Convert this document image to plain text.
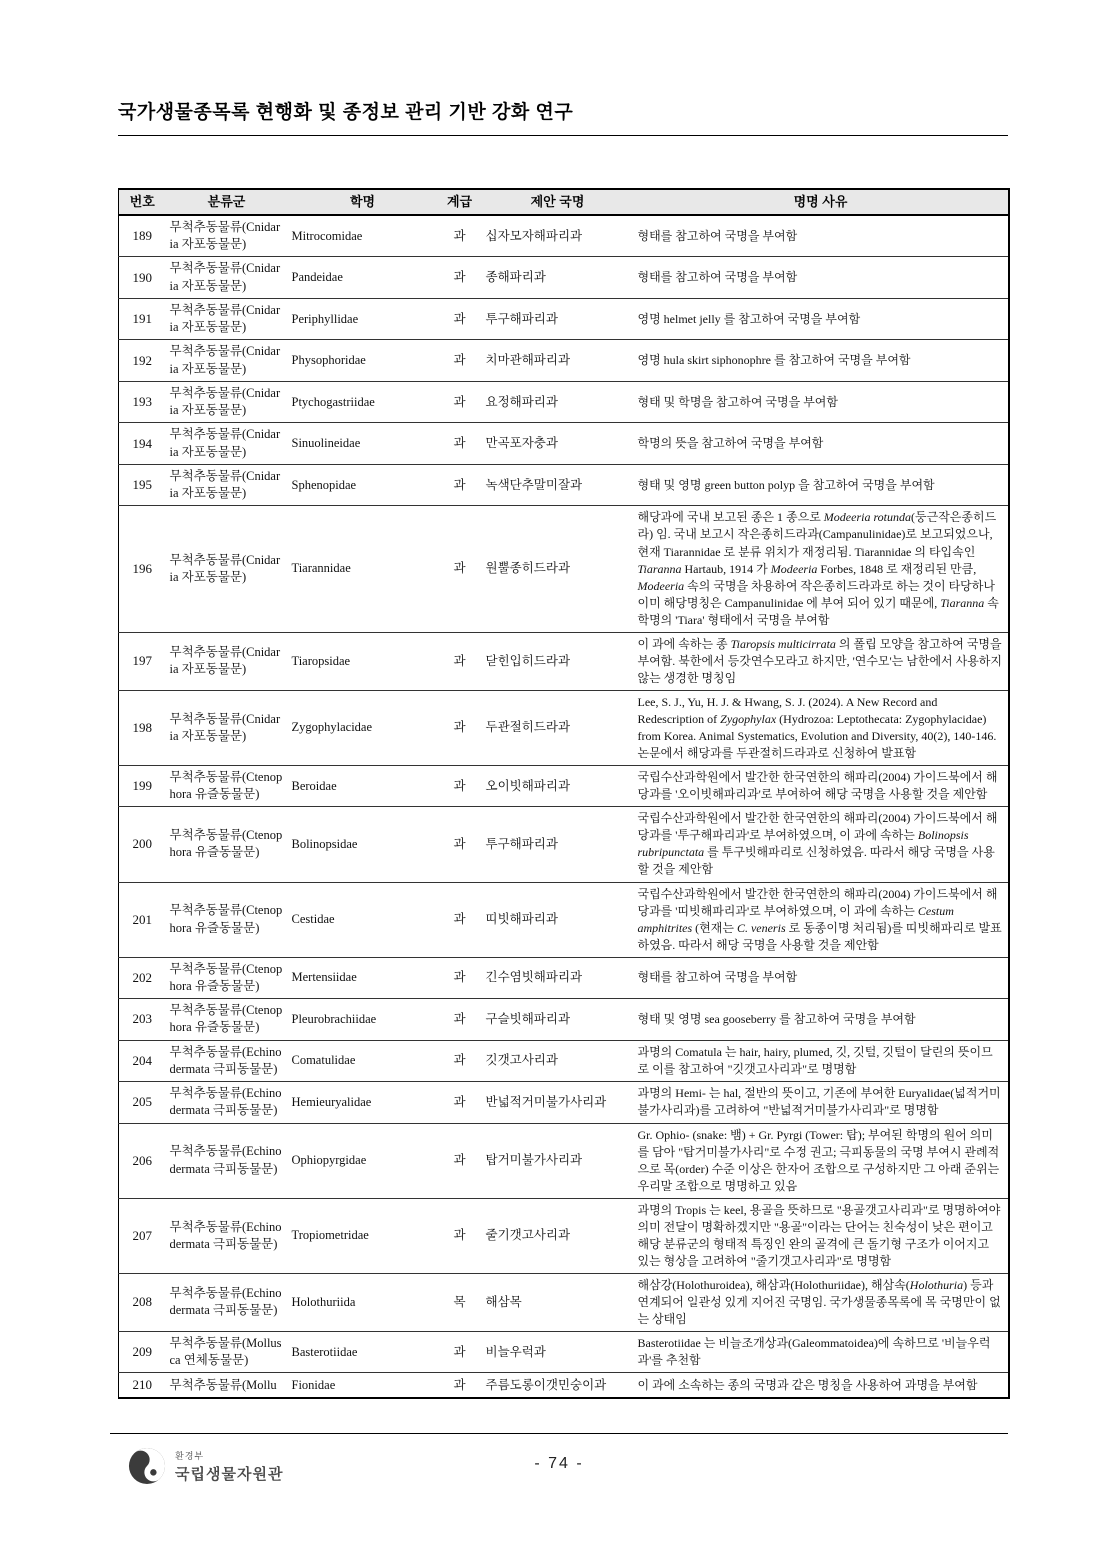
국가생물종목록 현행화 및 종정보 관리 기반 강화 연구
번호	분류군	학명	계급	제안 국명	명명 사유
189	무척추동물류(Cnidaria 자포동물문)	Mitrocomidae	과	십자모자해파리과	형태를 참고하여 국명을 부여함
190	무척추동물류(Cnidaria 자포동물문)	Pandeidae	과	종해파리과	형태를 참고하여 국명을 부여함
191	무척추동물류(Cnidaria 자포동물문)	Periphyllidae	과	투구해파리과	영명 helmet jelly 를 참고하여 국명을 부여함
192	무척추동물류(Cnidaria 자포동물문)	Physophoridae	과	치마관해파리과	영명 hula skirt siphonophre 를 참고하여 국명을 부여함
193	무척추동물류(Cnidaria 자포동물문)	Ptychogastriidae	과	요정해파리과	형태 및 학명을 참고하여 국명을 부여함
194	무척추동물류(Cnidaria 자포동물문)	Sinuolineidae	과	만곡포자충과	학명의 뜻을 참고하여 국명을 부여함
195	무척추동물류(Cnidaria 자포동물문)	Sphenopidae	과	녹색단추말미잘과	형태 및 영명 green button polyp 을 참고하여 국명을 부여함
196	무척추동물류(Cnidaria 자포동물문)	Tiarannidae	과	원뿔종히드라과	해당과에 국내 보고된 종은 1 종으로 Modeeria rotunda(둥근작은종히드라) 임. 국내 보고시 작은종히드라과(Campanulinidae)로 보고되었으나, 현재 Tiarannidae 로 분류 위치가 재정리됨. Tiarannidae 의 타입속인 Tiaranna Hartaub, 1914 가 Modeeria Forbes, 1848 로 재정리된 만큼, Modeeria 속의 국명을 차용하여 작은종히드라과로 하는 것이 타당하나 이미 해당명칭은 Campanulinidae 에 부여 되어 있기 때문에, Tiaranna 속 학명의 'Tiara' 형태에서 국명을 부여함
197	무척추동물류(Cnidaria 자포동물문)	Tiaropsidae	과	닫힌입히드라과	이 과에 속하는 종 Tiaropsis multicirrata 의 폴립 모양을 참고하여 국명을 부여함. 북한에서 등갓연수모라고 하지만, '연수모'는 남한에서 사용하지 않는 생경한 명칭임
198	무척추동물류(Cnidaria 자포동물문)	Zygophylacidae	과	두관절히드라과	Lee, S. J., Yu, H. J. & Hwang, S. J. (2024). A New Record and Redescription of Zygophylax (Hydrozoa: Leptothecata: Zygophylacidae) from Korea. Animal Systematics, Evolution and Diversity, 40(2), 140-146. 논문에서 해당과를 두관절히드라과로 신청하여 발표함
199	무척추동물류(Ctenophora 유즐동물문)	Beroidae	과	오이빗해파리과	국립수산과학원에서 발간한 한국연한의 해파리(2004) 가이드북에서 해당과를 '오이빗해파리과'로 부여하여 해당 국명을 사용할 것을 제안함
200	무척추동물류(Ctenophora 유즐동물문)	Bolinopsidae	과	투구해파리과	국립수산과학원에서 발간한 한국연한의 해파리(2004) 가이드북에서 해당과를 '투구해파리과'로 부여하였으며, 이 과에 속하는 Bolinopsis rubripunctata 를 투구빗해파리로 신청하였음. 따라서 해당 국명을 사용할 것을 제안함
201	무척추동물류(Ctenophora 유즐동물문)	Cestidae	과	띠빗해파리과	국립수산과학원에서 발간한 한국연한의 해파리(2004) 가이드북에서 해당과를 '띠빗해파리과'로 부여하였으며, 이 과에 속하는 Cestum amphitrites (현재는 C. veneris 로 동종이명 처리됨)를 띠빗해파리로 발표하였음. 따라서 해당 국명을 사용할 것을 제안함
202	무척추동물류(Ctenophora 유즐동물문)	Mertensiidae	과	긴수염빗해파리과	형태를 참고하여 국명을 부여함
203	무척추동물류(Ctenophora 유즐동물문)	Pleurobrachiidae	과	구슬빗해파리과	형태 및 영명 sea gooseberry 를 참고하여 국명을 부여함
204	무척추동물류(Echinodermata 극피동물문)	Comatulidae	과	깃갯고사리과	과명의 Comatula 는 hair, hairy, plumed, 깃, 깃털, 깃털이 달린의 뜻이므로 이를 참고하여 "깃갯고사리과"로 명명함
205	무척추동물류(Echinodermata 극피동물문)	Hemieuryalidae	과	반넓적거미불가사리과	과명의 Hemi- 는 hal, 절반의 뜻이고, 기존에 부여한 Euryalidae(넓적거미불가사리과)를 고려하여 "반넓적거미불가사리과"로 명명함
206	무척추동물류(Echinodermata 극피동물문)	Ophiopyrgidae	과	탑거미불가사리과	Gr. Ophio- (snake: 뱀) + Gr. Pyrgi (Tower: 탑); 부여된 학명의 원어 의미를 담아 "탑거미불가사리"로 수정 권고; 극피동물의 국명 부여시 관례적으로 목(order) 수준 이상은 한자어 조합으로 구성하지만 그 아래 준위는 우리말 조합으로 명명하고 있음
207	무척추동물류(Echinodermata 극피동물문)	Tropiometridae	과	줄기갯고사리과	과명의 Tropis 는 keel, 용골을 뜻하므로 "용골갯고사리과"로 명명하여야 의미 전달이 명확하겠지만 "용골"이라는 단어는 친숙성이 낮은 편이고 해당 분류군의 형태적 특징인 완의 골격에 큰 돌기형 구조가 이어지고 있는 형상을 고려하여 "줄기갯고사리과"로 명명함
208	무척추동물류(Echinodermata 극피동물문)	Holothuriida	목	해삼목	해삼강(Holothuroidea), 해삼과(Holothuriidae), 해삼속(Holothuria) 등과 연계되어 일관성 있게 지어진 국명임. 국가생물종목록에 목 국명만이 없는 상태임
209	무척추동물류(Mollusca 연체동물문)	Basterotiidae	과	비늘우럭과	Basterotiidae 는 비늘조개상과(Galeommatoidea)에 속하므로 '비늘우럭과'를 추천함
210	무척추동물류(Mollu	Fionidae	과	주름도롱이갯민숭이과	이 과에 소속하는 종의 국명과 같은 명칭을 사용하여 과명을 부여함
환경부
국립생물자원관
- 74 -
